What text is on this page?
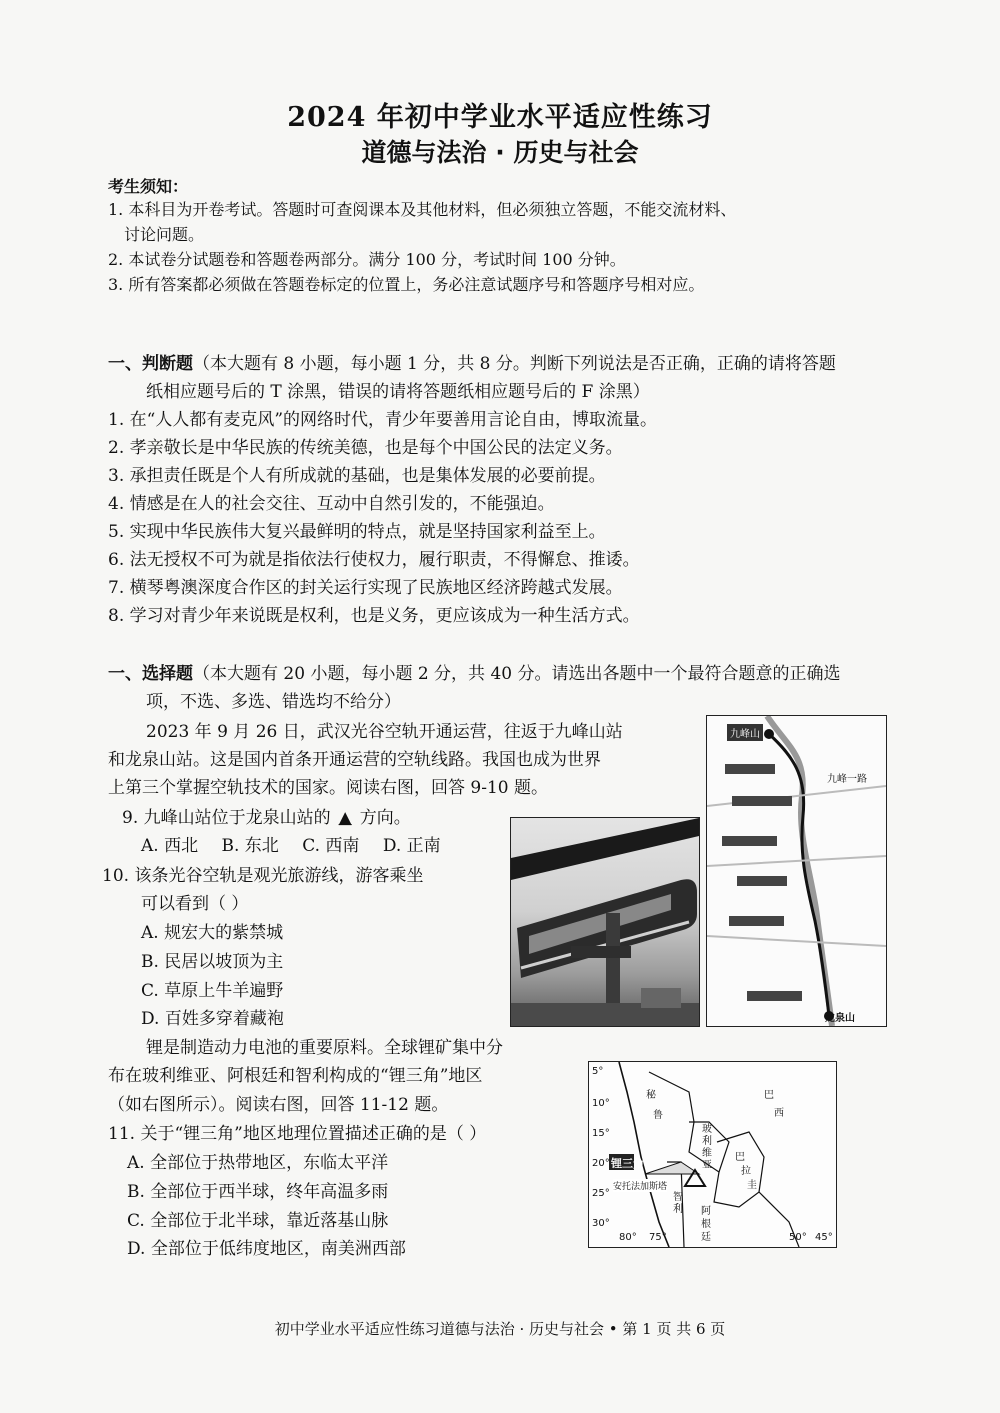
2024 年初中学业水平适应性练习
道德与法治 · 历史与社会
考生须知：
1. 本科目为开卷考试。答题时可查阅课本及其他材料，但必须独立答题，不能交流材料、
讨论问题。
2. 本试卷分试题卷和答题卷两部分。满分 100 分，考试时间 100 分钟。
3. 所有答案都必须做在答题卷标定的位置上，务必注意试题序号和答题序号相对应。
一、判断题（本大题有 8 小题，每小题 1 分，共 8 分。判断下列说法是否正确，正确的请将答题
纸相应题号后的 T 涂黑，错误的请将答题纸相应题号后的 F 涂黑）
1. 在“人人都有麦克风”的网络时代，青少年要善用言论自由，博取流量。
2. 孝亲敬长是中华民族的传统美德，也是每个中国公民的法定义务。
3. 承担责任既是个人有所成就的基础，也是集体发展的必要前提。
4. 情感是在人的社会交往、互动中自然引发的，不能强迫。
5. 实现中华民族伟大复兴最鲜明的特点，就是坚持国家利益至上。
6. 法无授权不可为就是指依法行使权力，履行职责，不得懈怠、推诿。
7. 横琴粤澳深度合作区的封关运行实现了民族地区经济跨越式发展。
8. 学习对青少年来说既是权利，也是义务，更应该成为一种生活方式。
一、选择题（本大题有 20 小题，每小题 2 分，共 40 分。请选出各题中一个最符合题意的正确选
项，不选、多选、错选均不给分）
2023 年 9 月 26 日，武汉光谷空轨开通运营，往返于九峰山站
和龙泉山站。这是国内首条开通运营的空轨线路。我国也成为世界
上第三个掌握空轨技术的国家。阅读右图，回答 9-10 题。
9. 九峰山站位于龙泉山站的 ▲ 方向。
A. 西北 B. 东北 C. 西南 D. 正南
10. 该条光谷空轨是观光旅游线，游客乘坐
可以看到（ ）
A. 规宏大的紫禁城
B. 民居以坡顶为主
C. 草原上牛羊遍野
D. 百姓多穿着藏袍
锂是制造动力电池的重要原料。全球锂矿集中分
布在玻利维亚、阿根廷和智利构成的“锂三角”地区
（如右图所示）。阅读右图，回答 11-12 题。
11. 关于“锂三角”地区地理位置描述正确的是（ ）
A. 全部位于热带地区，东临太平洋
B. 全部位于西半球，终年高温多雨
C. 全部位于北半球，靠近落基山脉
D. 全部位于低纬度地区，南美洲西部
九峰山
九峰一路
龙泉山
5°
10°
15°
20°
25°
30°
80° 75°	50° 45°
秘
鲁
巴
西
玻
利
维
亚
巴
拉
圭
智
利 阿
根
廷
锂三角
安托法加斯塔
初中学业水平适应性练习道德与法治 · 历史与社会 • 第 1 页 共 6 页
